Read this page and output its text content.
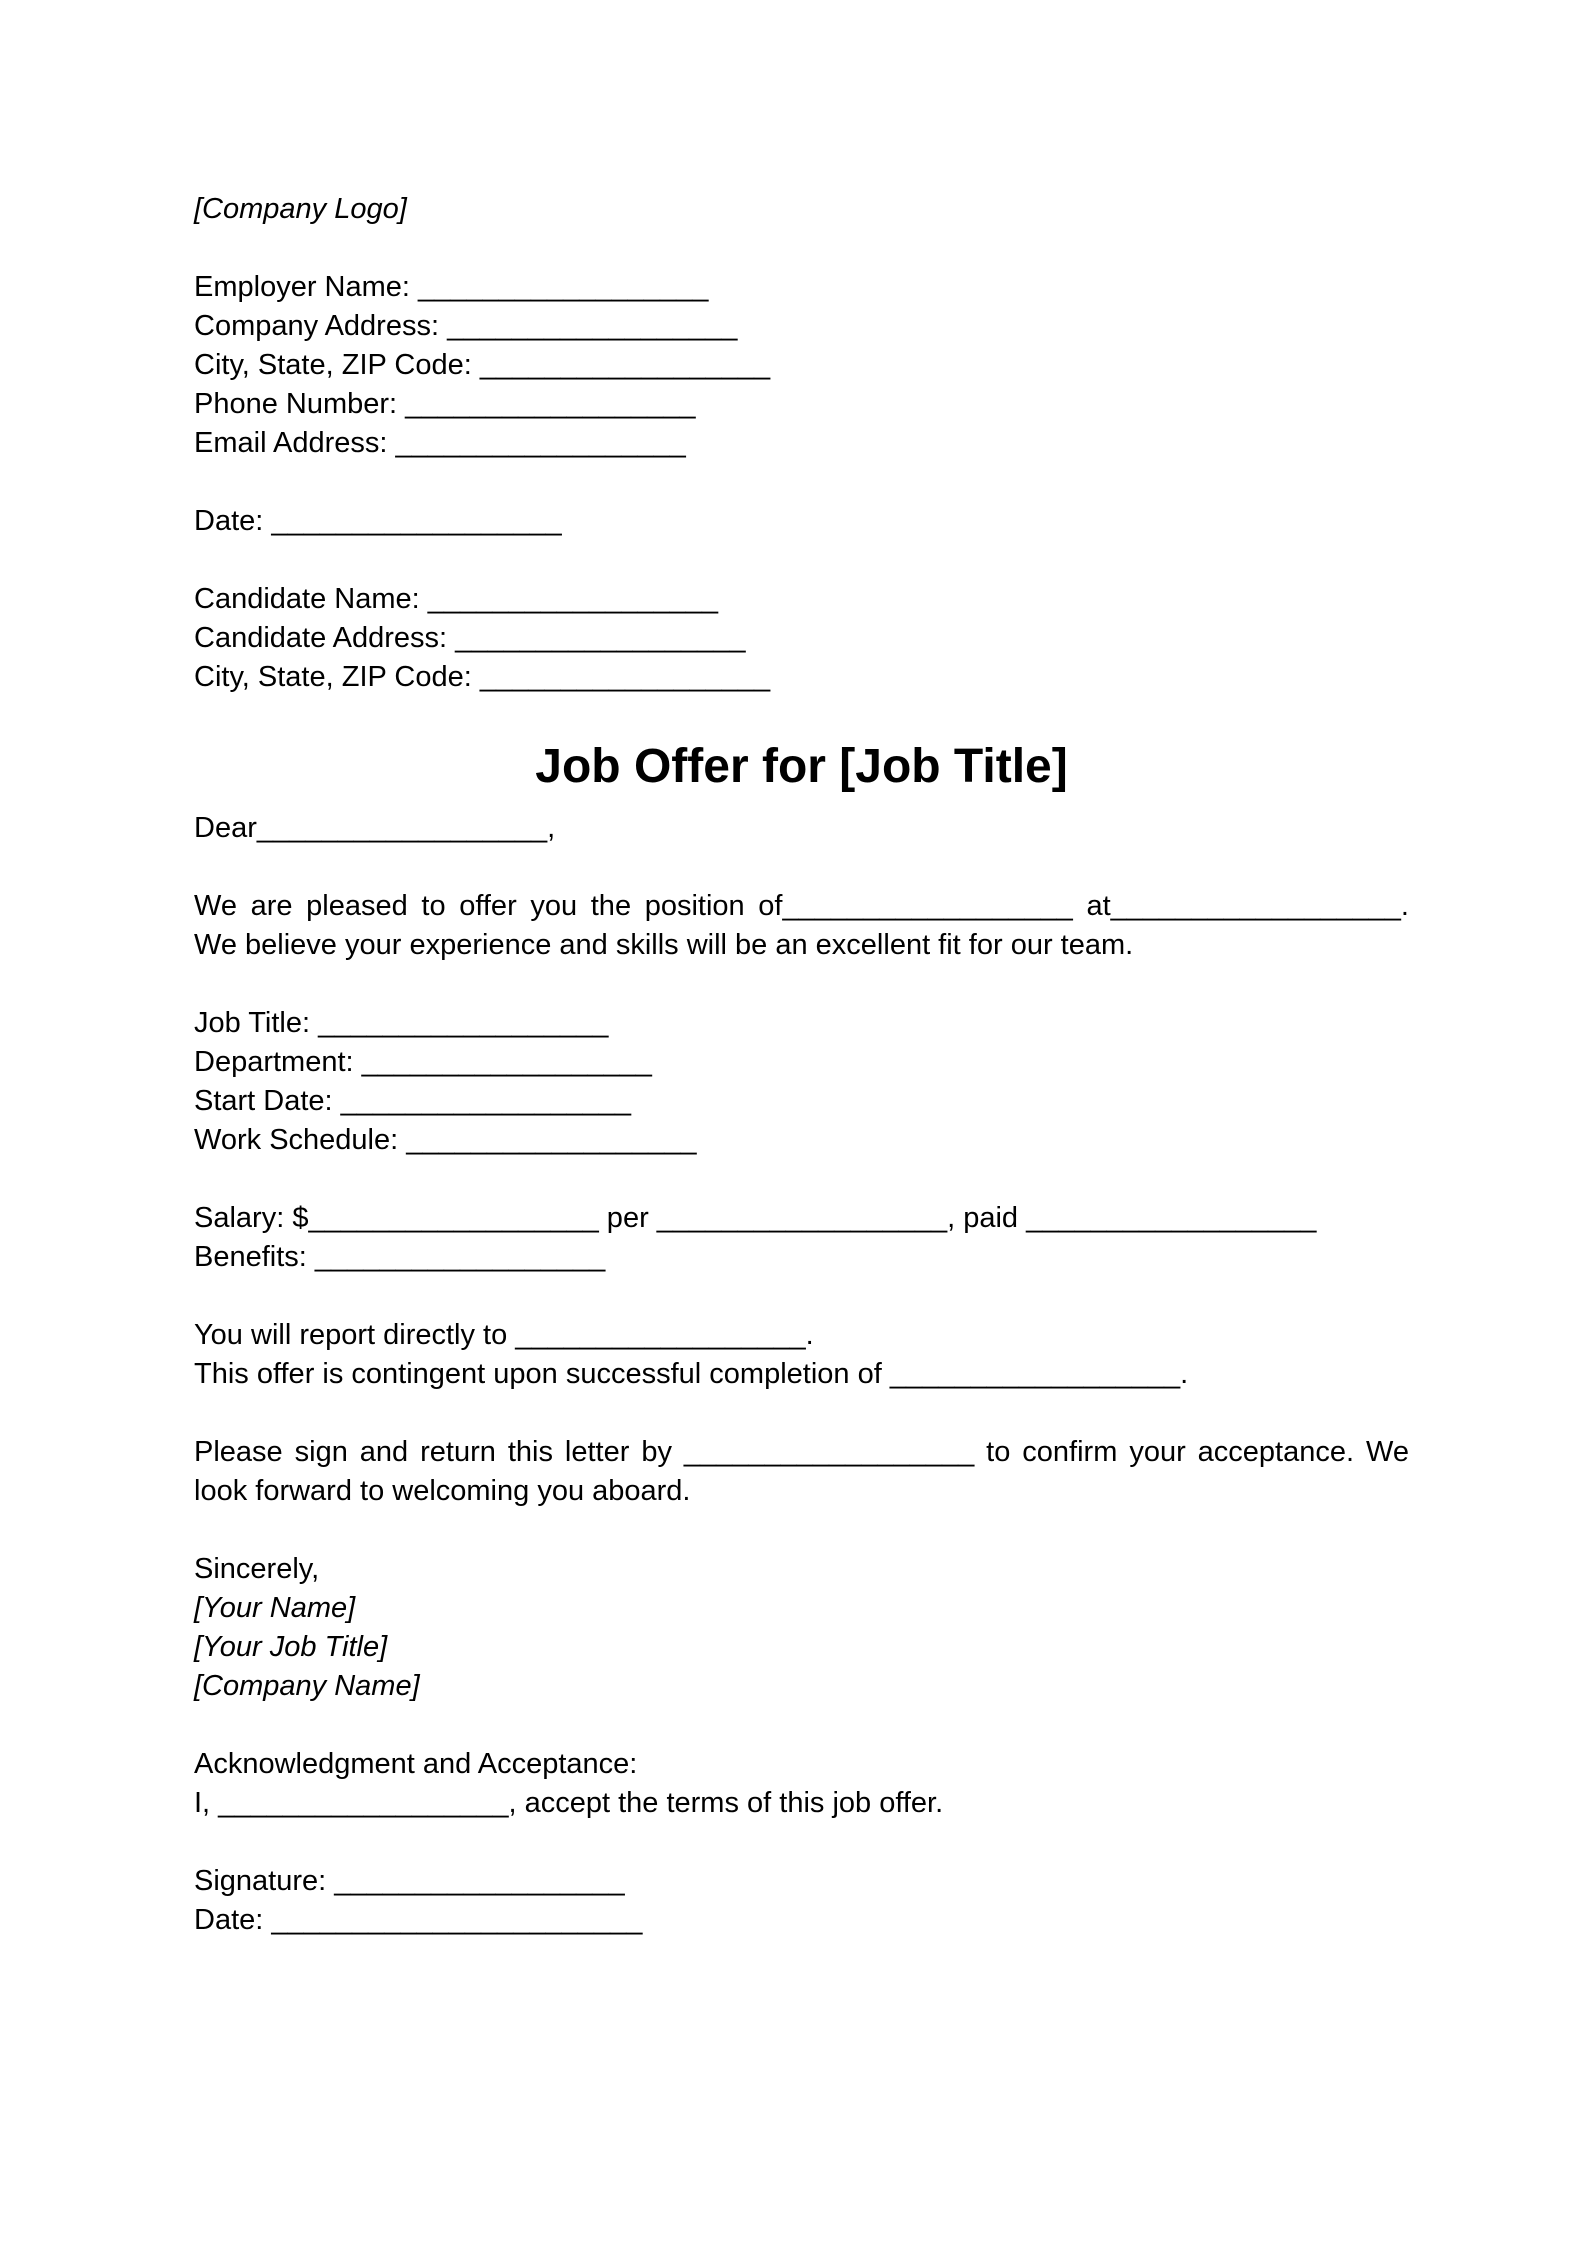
[Company Logo]
Employer Name: __________________
Company Address: __________________
City, State, ZIP Code: __________________
Phone Number: __________________
Email Address: __________________
Date: __________________
Candidate Name: __________________
Candidate Address: __________________
City, State, ZIP Code: __________________
Job Offer for [Job Title]
Dear__________________,
We are pleased to offer you the position of__________________ at__________________.
We believe your experience and skills will be an excellent fit for our team.
Job Title: __________________
Department: __________________
Start Date: __________________
Work Schedule: __________________
Salary: $__________________ per __________________, paid __________________
Benefits: __________________
You will report directly to __________________.
This offer is contingent upon successful completion of __________________.
Please sign and return this letter by __________________ to confirm your acceptance. We
look forward to welcoming you aboard.
Sincerely,
[Your Name]
[Your Job Title]
[Company Name]
Acknowledgment and Acceptance:
I, __________________, accept the terms of this job offer.
Signature: __________________
Date: _______________________
